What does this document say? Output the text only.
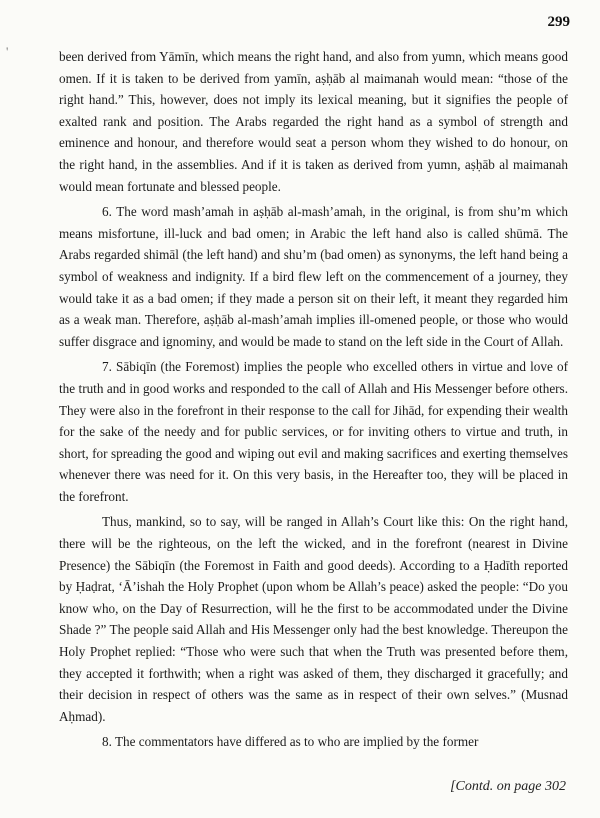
299
'	been derived from Yāmīn, which means the right hand, and also from yumn, which means good omen. If it is taken to be derived from yamīn, aṣḥāb al maimanah would mean: “those of the right hand.” This, however, does not imply its lexical meaning, but it signifies the people of exalted rank and position. The Arabs regarded the right hand as a symbol of strength and eminence and honour, and therefore would seat a person whom they wished to do honour, on the right hand, in the assemblies. And if it is taken as derived from yumn, aṣḥāb al maimanah would mean fortunate and blessed people.

6. The word mash’amah in aṣḥāb al-mash’amah, in the original, is from shu’m which means misfortune, ill-luck and bad omen; in Arabic the left hand also is called shūmā. The Arabs regarded shimāl (the left hand) and shu’m (bad omen) as synonyms, the left hand being a symbol of weakness and indignity. If a bird flew left on the commencement of a journey, they would take it as a bad omen; if they made a person sit on their left, it meant they regarded him as a weak man. Therefore, aṣḥāb al-mash’amah implies ill-omened people, or those who would suffer disgrace and ignominy, and would be made to stand on the left side in the Court of Allah.

7. Sābiqīn (the Foremost) implies the people who excelled others in virtue and love of the truth and in good works and responded to the call of Allah and His Messenger before others. They were also in the forefront in their response to the call for Jihād, for expending their wealth for the sake of the needy and for public services, or for inviting others to virtue and truth, in short, for spreading the good and wiping out evil and making sacrifices and exerting themselves whenever there was need for it. On this very basis, in the Hereafter too, they will be placed in the forefront.

Thus, mankind, so to say, will be ranged in Allah’s Court like this: On the right hand, there will be the righteous, on the left the wicked, and in the forefront (nearest in Divine Presence) the Sābiqīn (the Foremost in Faith and good deeds). According to a Ḥadīth reported by Ḥaḍrat, ‘Ā’ishah the Holy Prophet (upon whom be Allah’s peace) asked the people: “Do you know who, on the Day of Resurrection, will he the first to be accommodated under the Divine Shade ?” The people said Allah and His Messenger only had the best knowledge. Thereupon the Holy Prophet replied: “Those who were such that when the Truth was presented before them, they accepted it forthwith; when a right was asked of them, they discharged it gracefully; and their decision in respect of others was the same as in respect of their own selves.” (Musnad Aḥmad).

8. The commentators have differed as to who are implied by the former

[Contd. on page 302
